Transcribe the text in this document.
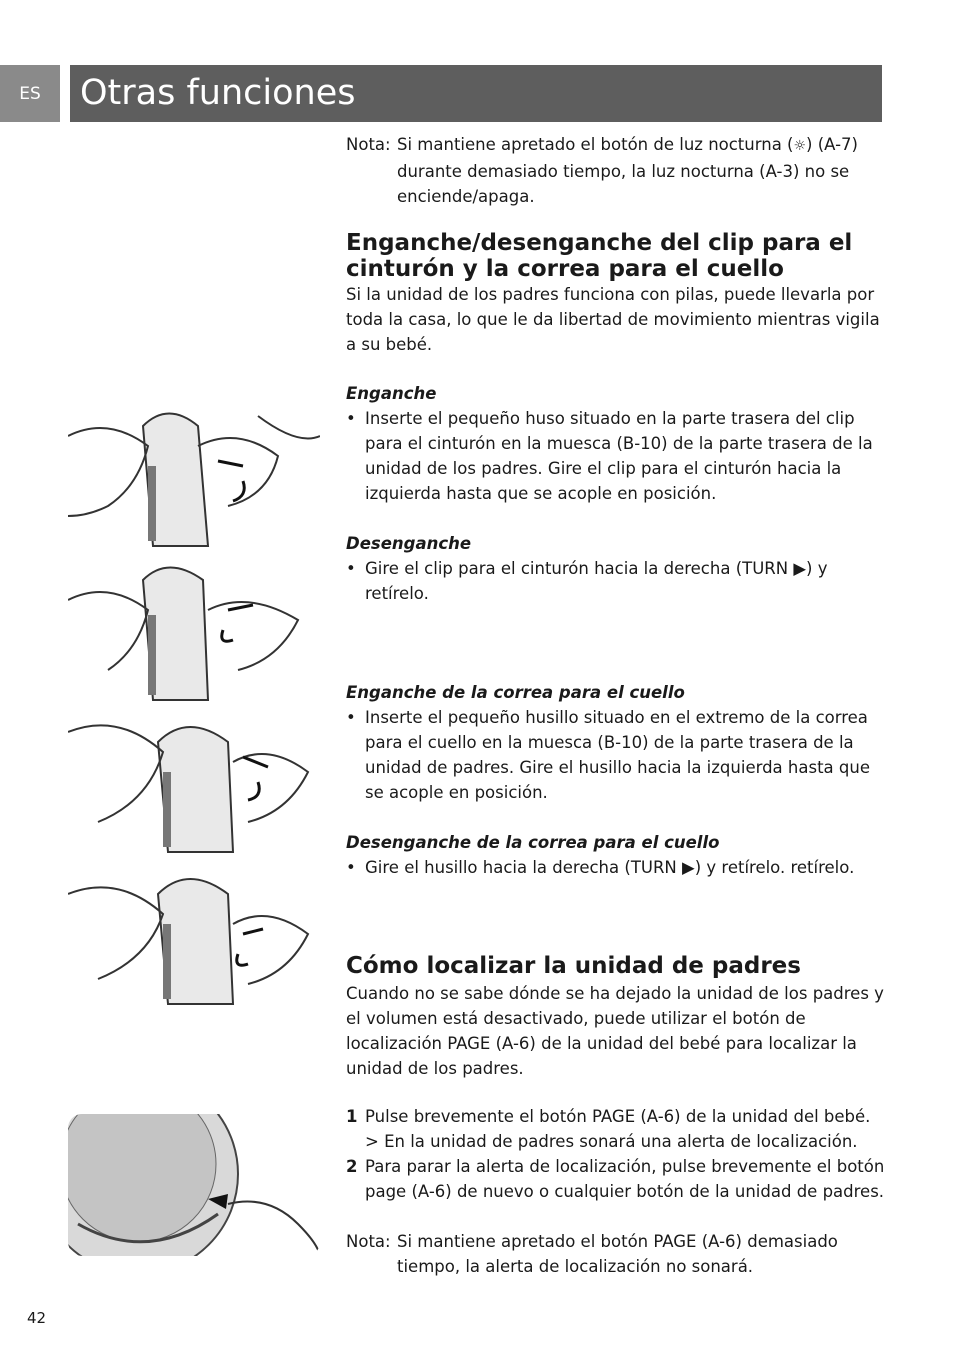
ES	Otras funciones
Nota: Si mantiene apretado el botón de luz nocturna (☼) (A-7) durante demasiado tiempo, la luz nocturna (A-3) no se enciende/apaga.
Enganche/desenganche del clip para el cinturón y la correa para el cuello
Si la unidad de los padres funciona con pilas, puede llevarla por toda la casa, lo que le da libertad de movimiento mientras vigila a su bebé.
Enganche
• Inserte el pequeño huso situado en la parte trasera del clip para el cinturón en la muesca (B-10) de la parte trasera de la unidad de los padres. Gire el clip para el cinturón hacia la izquierda hasta que se acople en posición.
Desenganche
• Gire el clip para el cinturón hacia la derecha (TURN ▶) y retírelo.
Enganche de la correa para el cuello
• Inserte el pequeño husillo situado en el extremo de la correa para el cuello en la muesca (B-10) de la parte trasera de la unidad de padres. Gire el husillo hacia la izquierda hasta que se acople en posición.
Desenganche de la correa para el cuello
• Gire el husillo hacia la derecha (TURN ▶) y retírelo. retírelo.
Cómo localizar la unidad de padres
Cuando no se sabe dónde se ha dejado la unidad de los padres y el volumen está desactivado, puede utilizar el botón de localización PAGE (A-6) de la unidad del bebé para localizar la unidad de los padres.
1 Pulse brevemente el botón PAGE (A-6) de la unidad del bebé.
> En la unidad de padres sonará una alerta de localización.
2 Para parar la alerta de localización, pulse brevemente el botón page (A-6) de nuevo o cualquier botón de la unidad de padres.
Nota: Si mantiene apretado el botón PAGE (A-6) demasiado tiempo, la alerta de localización no sonará.
42
